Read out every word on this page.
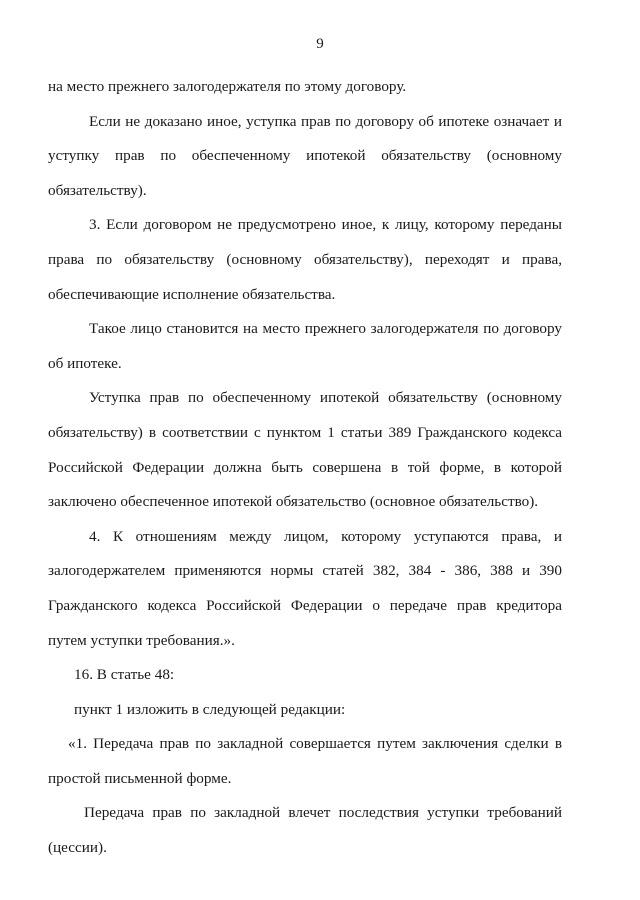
9

на место прежнего залогодержателя по этому договору.

Если не доказано иное, уступка прав по договору об ипотеке означает и уступку прав по обеспеченному ипотекой обязательству (основному обязательству).

3. Если договором не предусмотрено иное, к лицу, которому переданы права по обязательству (основному обязательству), переходят и права, обеспечивающие исполнение обязательства.

Такое лицо становится на место прежнего залогодержателя по договору об ипотеке.

Уступка прав по обеспеченному ипотекой обязательству (основному обязательству) в соответствии с пунктом 1 статьи 389 Гражданского кодекса Российской Федерации должна быть совершена в той форме, в которой заключено обеспеченное ипотекой обязательство (основное обязательство).

4. К отношениям между лицом, которому уступаются права, и залогодержателем применяются нормы статей 382, 384 - 386, 388 и 390 Гражданского кодекса Российской Федерации о передаче прав кредитора путем уступки требования.».

16. В статье 48:

пункт 1 изложить в следующей редакции:

«1. Передача прав по закладной совершается путем заключения сделки в простой письменной форме.

Передача прав по закладной влечет последствия уступки требований (цессии).
